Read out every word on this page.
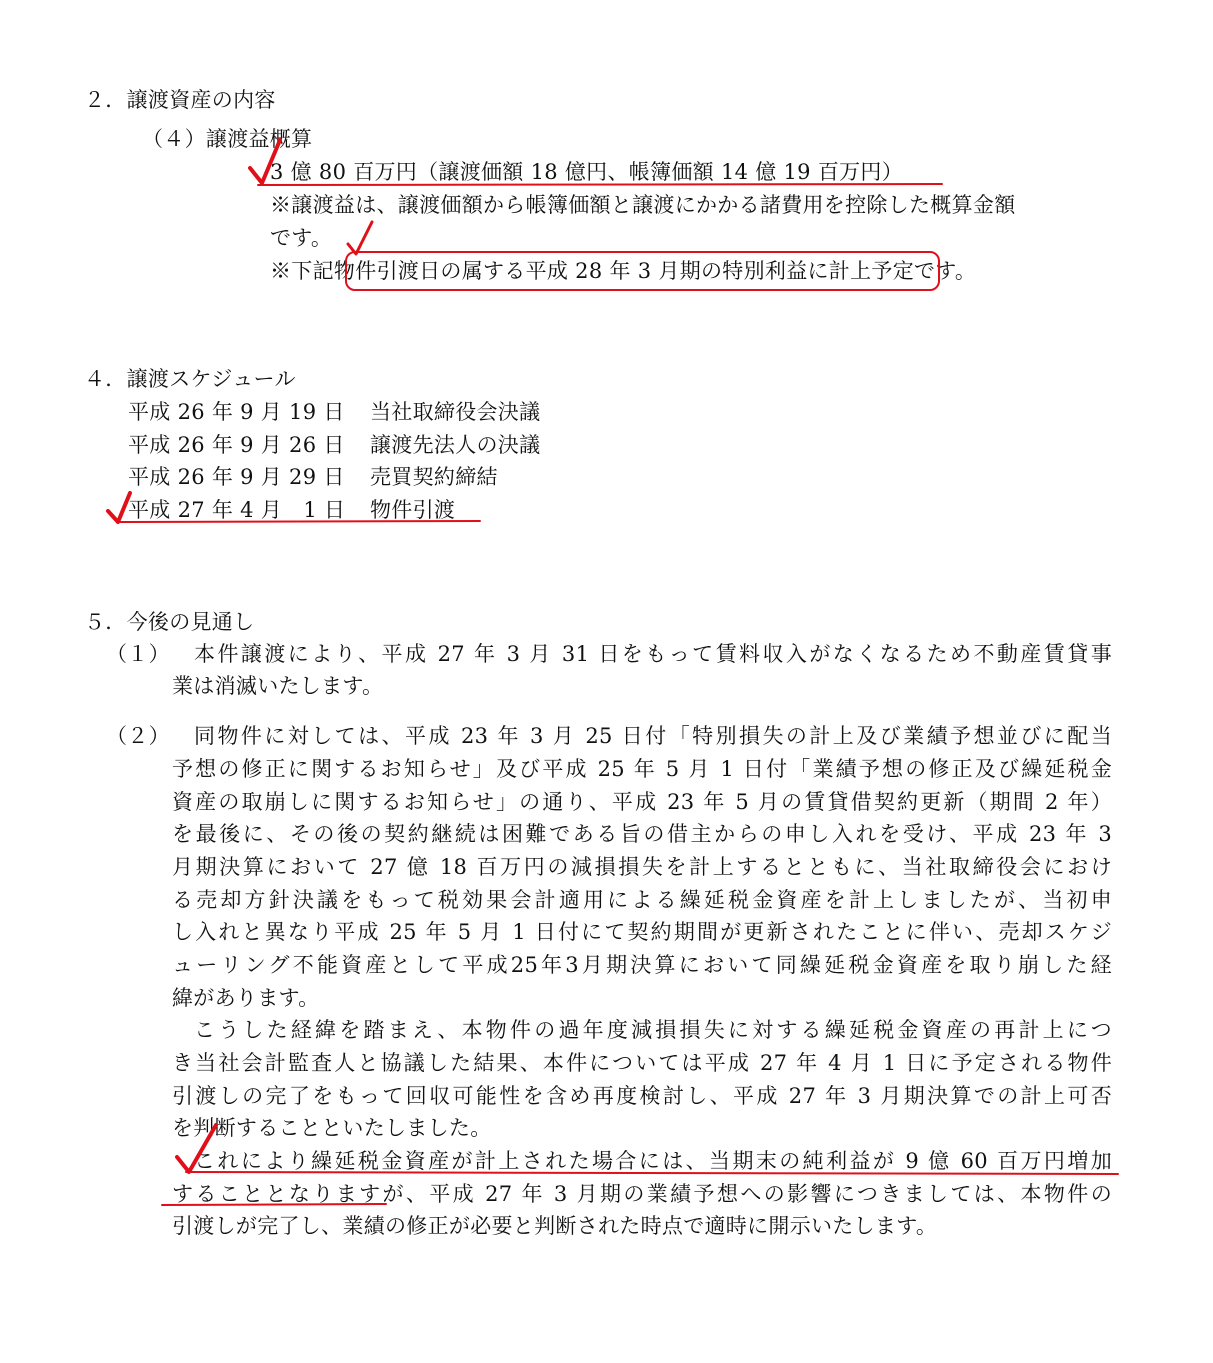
２．譲渡資産の内容
（４）譲渡益概算
3 億 80 百万円（譲渡価額 18 億円、帳簿価額 14 億 19 百万円）
※譲渡益は、譲渡価額から帳簿価額と譲渡にかかる諸費用を控除した概算金額
です。
※下記物件引渡日の属する平成 28 年 3 月期の特別利益に計上予定です。
４．譲渡スケジュール
平成 26 年 9 月 19 日 当社取締役会決議
平成 26 年 9 月 26 日 譲渡先法人の決議
平成 26 年 9 月 29 日 売買契約締結
平成 27 年 4 月　1 日 物件引渡
５．今後の見通し
（１） 本件譲渡により、平成 27 年 3 月 31 日をもって賃料収入がなくなるため不動産賃貸事
業は消滅いたします。
（２） 同物件に対しては、平成 23 年 3 月 25 日付「特別損失の計上及び業績予想並びに配当
予想の修正に関するお知らせ」及び平成 25 年 5 月 1 日付「業績予想の修正及び繰延税金
資産の取崩しに関するお知らせ」の通り、平成 23 年 5 月の賃貸借契約更新（期間 2 年）
を最後に、その後の契約継続は困難である旨の借主からの申し入れを受け、平成 23 年 3
月期決算において 27 億 18 百万円の減損損失を計上するとともに、当社取締役会におけ
る売却方針決議をもって税効果会計適用による繰延税金資産を計上しましたが、当初申
し入れと異なり平成 25 年 5 月 1 日付にて契約期間が更新されたことに伴い、売却スケジ
ューリング不能資産として平成25年3月期決算において同繰延税金資産を取り崩した経
緯があります。
こうした経緯を踏まえ、本物件の過年度減損損失に対する繰延税金資産の再計上につ
き当社会計監査人と協議した結果、本件については平成 27 年 4 月 1 日に予定される物件
引渡しの完了をもって回収可能性を含め再度検討し、平成 27 年 3 月期決算での計上可否
を判断することといたしました。
これにより繰延税金資産が計上された場合には、当期末の純利益が 9 億 60 百万円増加
することとなりますが、平成 27 年 3 月期の業績予想への影響につきましては、本物件の
引渡しが完了し、業績の修正が必要と判断された時点で適時に開示いたします。
